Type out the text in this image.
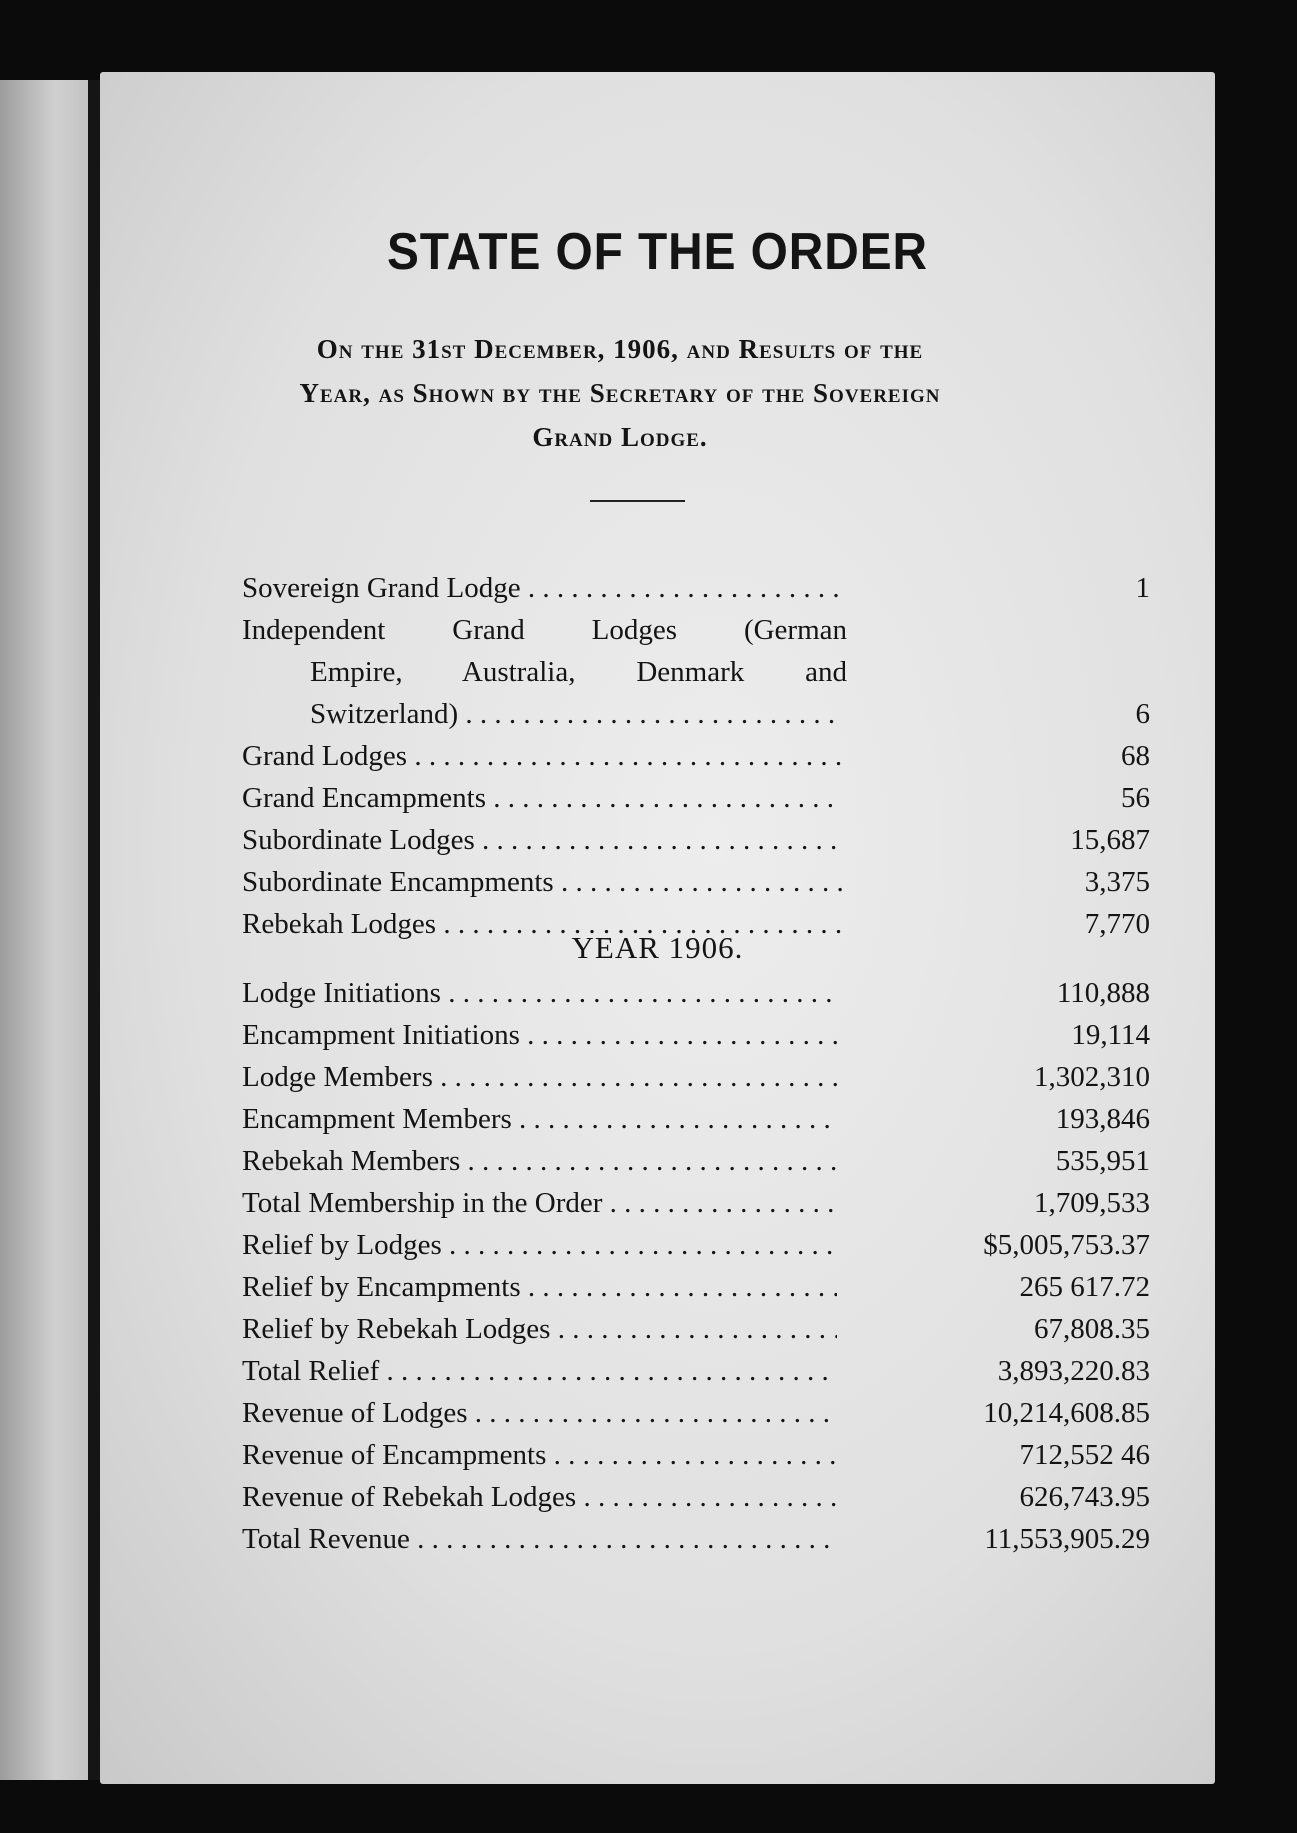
STATE OF THE ORDER
On the 31st December, 1906, and Results of the Year, as Shown by the Secretary of the Sovereign Grand Lodge.
Sovereign Grand Lodge . . .	1
Independent Grand Lodges (German
Empire, Australia, Denmark and
Switzerland) . . .	6
Grand Lodges . . .	68
Grand Encampments . . .	56
Subordinate Lodges . . .	15,687
Subordinate Encampments . . .	3,375
Rebekah Lodges . . .	7,770
YEAR 1906.
Lodge Initiations . . .	110,888
Encampment Initiations . . .	19,114
Lodge Members . . .	1,302,310
Encampment Members . . .	193,846
Rebekah Members . . .	535,951
Total Membership in the Order . . .	1,709,533
Relief by Lodges . . .	$5,005,753.37
Relief by Encampments . . .	265 617.72
Relief by Rebekah Lodges . . .	67,808.35
Total Relief . . .	3,893,220.83
Revenue of Lodges . . .	10,214,608.85
Revenue of Encampments . . .	712,552 46
Revenue of Rebekah Lodges . . .	626,743.95
Total Revenue . . .	11,553,905.29
